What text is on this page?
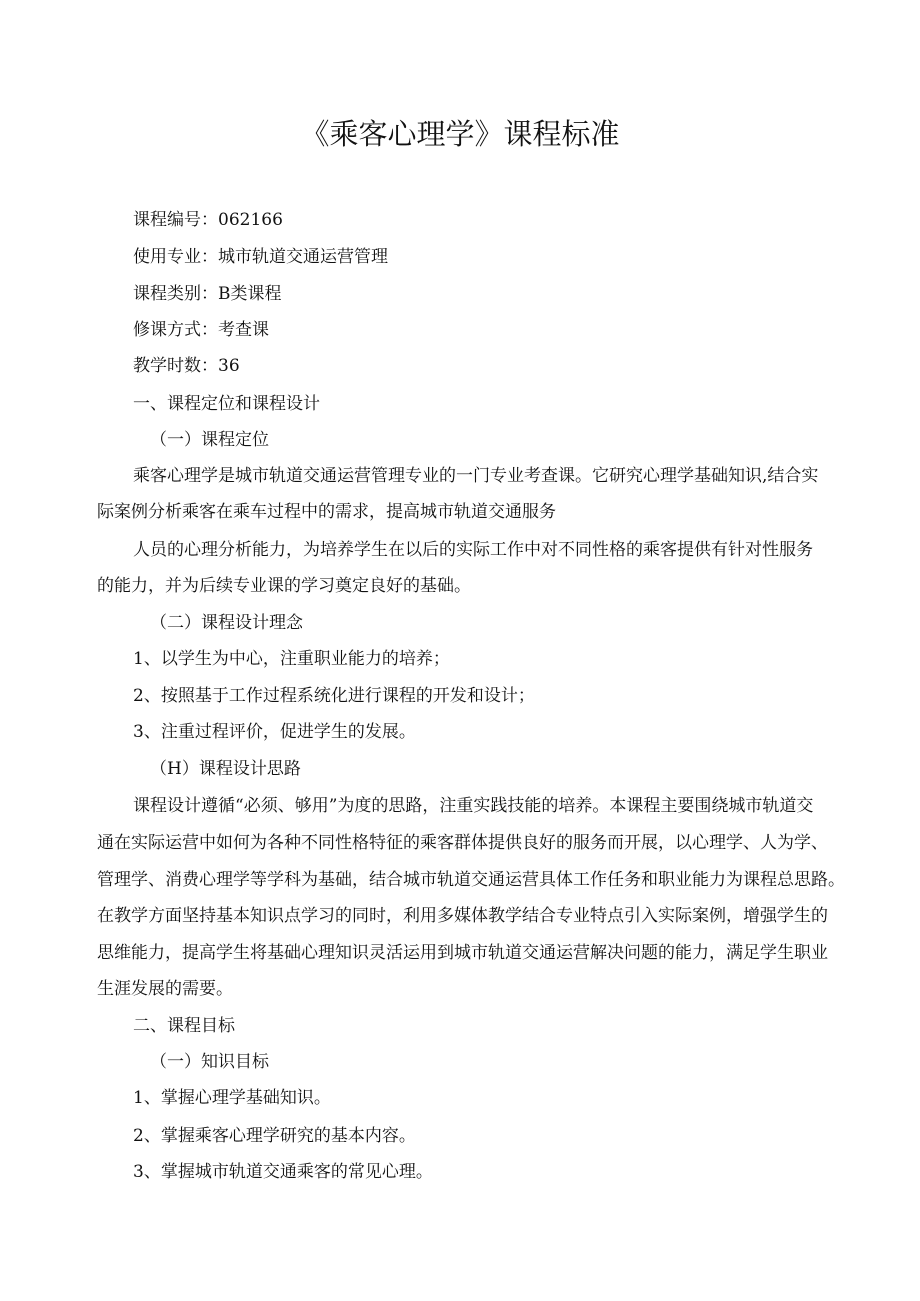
《乘客心理学》课程标准
课程编号：062166
使用专业：城市轨道交通运营管理
课程类别：B类课程
修课方式：考查课
教学时数：36
一、课程定位和课程设计
（一）课程定位
乘客心理学是城市轨道交通运营管理专业的一门专业考查课。它研究心理学基础知识,结合实
际案例分析乘客在乘车过程中的需求，提高城市轨道交通服务
人员的心理分析能力，为培养学生在以后的实际工作中对不同性格的乘客提供有针对性服务
的能力，并为后续专业课的学习奠定良好的基础。
（二）课程设计理念
1、以学生为中心，注重职业能力的培养；
2、按照基于工作过程系统化进行课程的开发和设计；
3、注重过程评价，促进学生的发展。
（H）课程设计思路
课程设计遵循“必须、够用”为度的思路，注重实践技能的培养。本课程主要围绕城市轨道交
通在实际运营中如何为各种不同性格特征的乘客群体提供良好的服务而开展，以心理学、人为学、
管理学、消费心理学等学科为基础，结合城市轨道交通运营具体工作任务和职业能力为课程总思路。
在教学方面坚持基本知识点学习的同时，利用多媒体教学结合专业特点引入实际案例，增强学生的
思维能力，提高学生将基础心理知识灵活运用到城市轨道交通运营解决问题的能力，满足学生职业
生涯发展的需要。
二、课程目标
（一）知识目标
1、掌握心理学基础知识。
2、掌握乘客心理学研究的基本内容。
3、掌握城市轨道交通乘客的常见心理。
